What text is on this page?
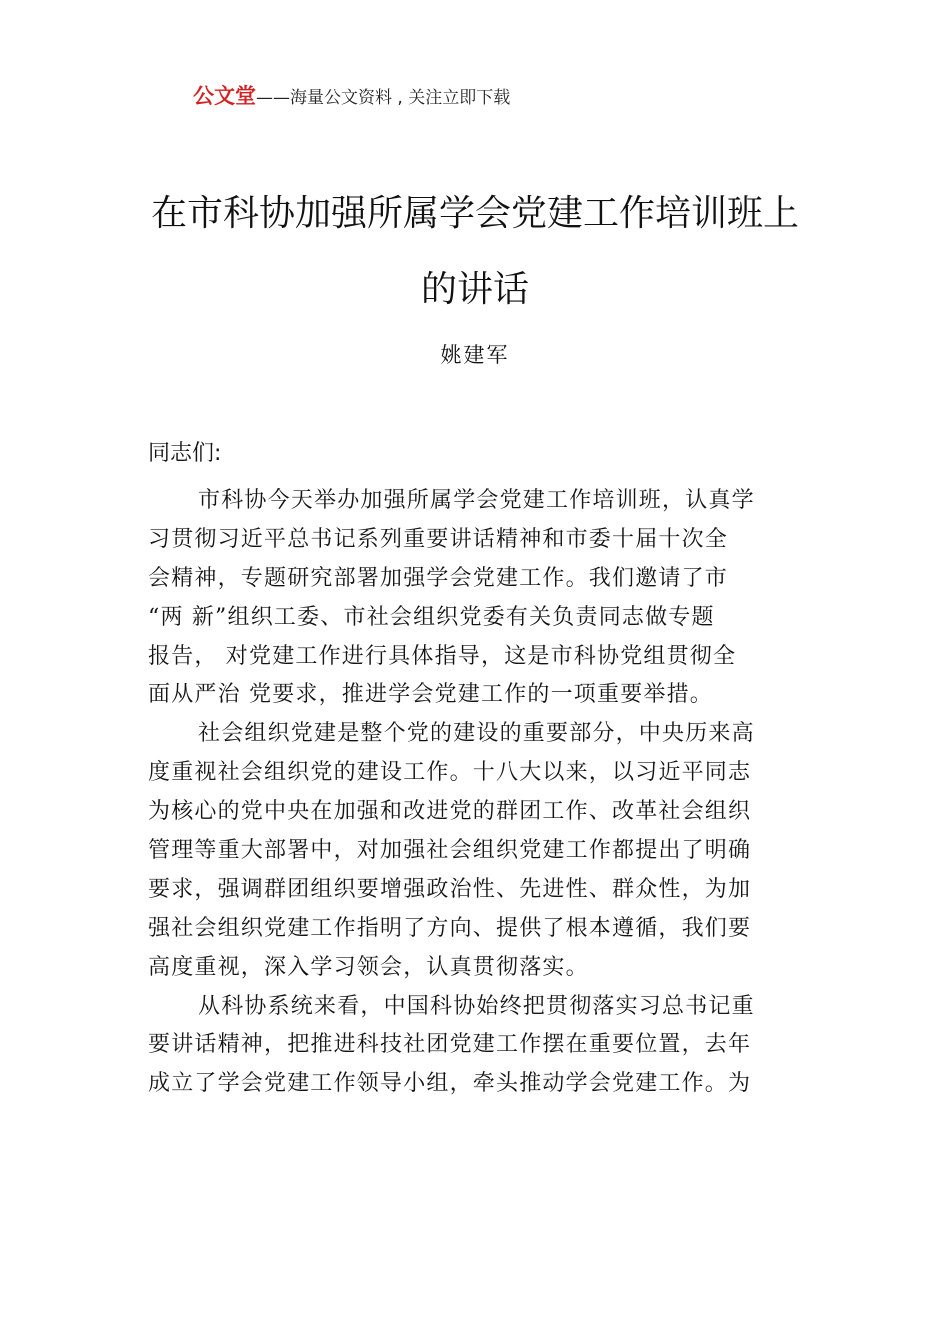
公文堂——海量公文资料 , 关注立即下载
在市科协加强所属学会党建工作培训班上
的讲话
姚建军
同志们:
市科协今天举办加强所属学会党建工作培训班，认真学
习贯彻习近平总书记系列重要讲话精神和市委十届十次全
会精神，专题研究部署加强学会党建工作。我们邀请了市
“两 新”组织工委、市社会组织党委有关负责同志做专题
报告， 对党建工作进行具体指导，这是市科协党组贯彻全
面从严治 党要求，推进学会党建工作的一项重要举措。
社会组织党建是整个党的建设的重要部分，中央历来高
度重视社会组织党的建设工作。十八大以来，以习近平同志
为核心的党中央在加强和改进党的群团工作、改革社会组织
管理等重大部署中，对加强社会组织党建工作都提出了明确
要求，强调群团组织要增强政治性、先进性、群众性，为加
强社会组织党建工作指明了方向、提供了根本遵循，我们要
高度重视，深入学习领会，认真贯彻落实。
从科协系统来看，中国科协始终把贯彻落实习总书记重
要讲话精神，把推进科技社团党建工作摆在重要位置，去年
成立了学会党建工作领导小组，牵头推动学会党建工作。为
